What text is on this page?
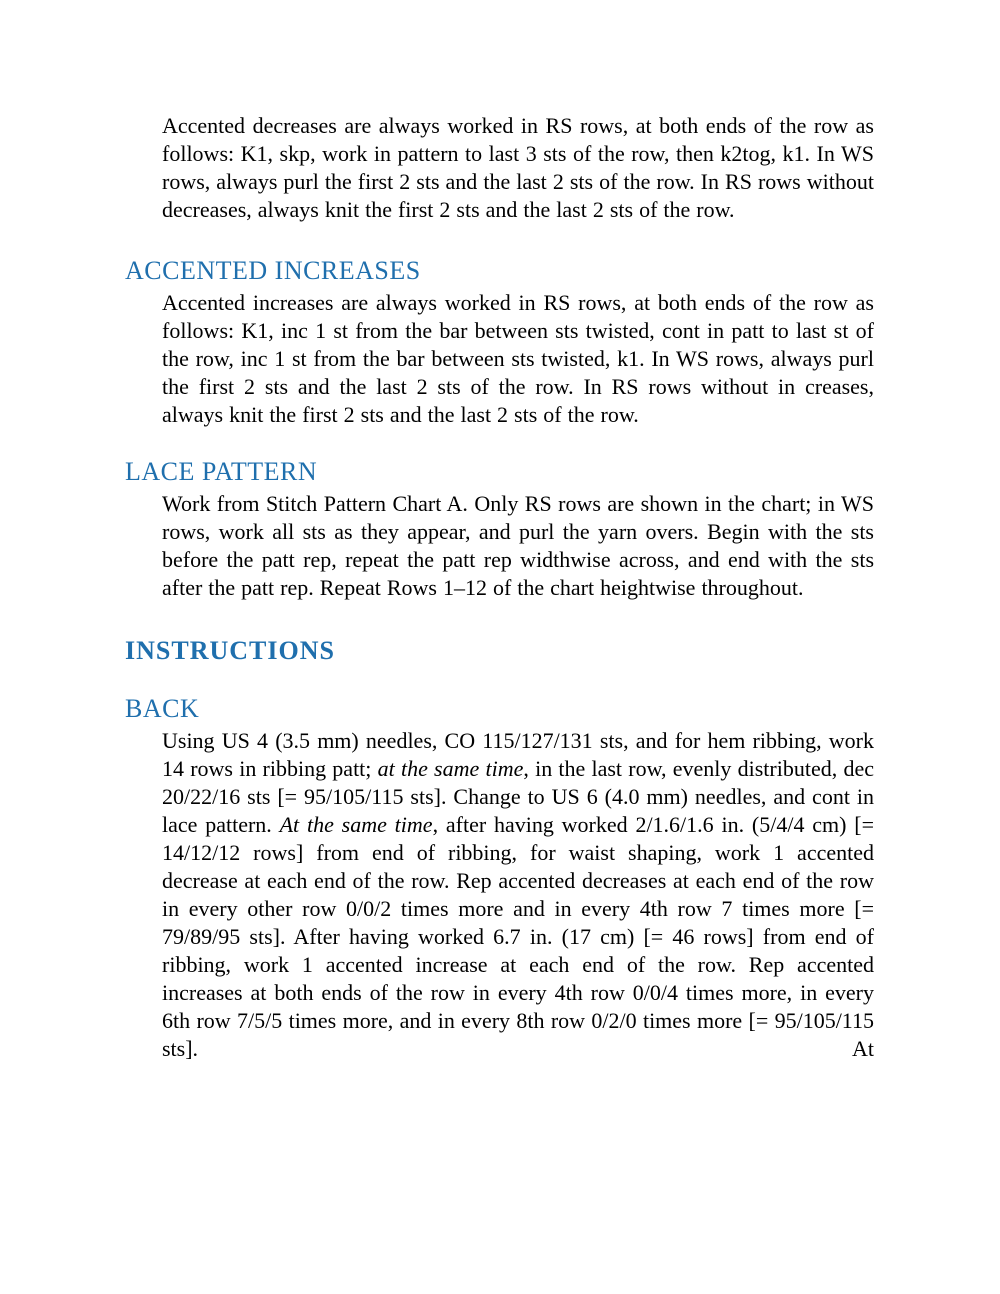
Accented decreases are always worked in RS rows, at both ends of the row as follows: K1, skp, work in pattern to last 3 sts of the row, then k2tog, k1. In WS rows, always purl the first 2 sts and the last 2 sts of the row. In RS rows without decreases, always knit the first 2 sts and the last 2 sts of the row.

ACCENTED INCREASES

Accented increases are always worked in RS rows, at both ends of the row as follows: K1, inc 1 st from the bar between sts twisted, cont in patt to last st of the row, inc 1 st from the bar between sts twisted, k1. In WS rows, always purl the first 2 sts and the last 2 sts of the row. In RS rows without in creases, always knit the first 2 sts and the last 2 sts of the row.

LACE PATTERN

Work from Stitch Pattern Chart A. Only RS rows are shown in the chart; in WS rows, work all sts as they appear, and purl the yarn overs. Begin with the sts before the patt rep, repeat the patt rep widthwise across, and end with the sts after the patt rep. Repeat Rows 1–12 of the chart heightwise throughout.

INSTRUCTIONS
BACK

Using US 4 (3.5 mm) needles, CO 115/127/131 sts, and for hem ribbing, work 14 rows in ribbing patt; at the same time, in the last row, evenly distributed, dec 20/22/16 sts [= 95/105/115 sts]. Change to US 6 (4.0 mm) needles, and cont in lace pattern. At the same time, after having worked 2/1.6/1.6 in. (5/4/4 cm) [= 14/12/12 rows] from end of ribbing, for waist shaping, work 1 accented decrease at each end of the row. Rep accented decreases at each end of the row in every other row 0/0/2 times more and in every 4th row 7 times more [= 79/89/95 sts]. After having worked 6.7 in. (17 cm) [= 46 rows] from end of ribbing, work 1 accented increase at each end of the row. Rep accented increases at both ends of the row in every 4th row 0/0/4 times more, in every 6th row 7/5/5 times more, and in every 8th row 0/2/0 times more [= 95/105/115 sts]. At
